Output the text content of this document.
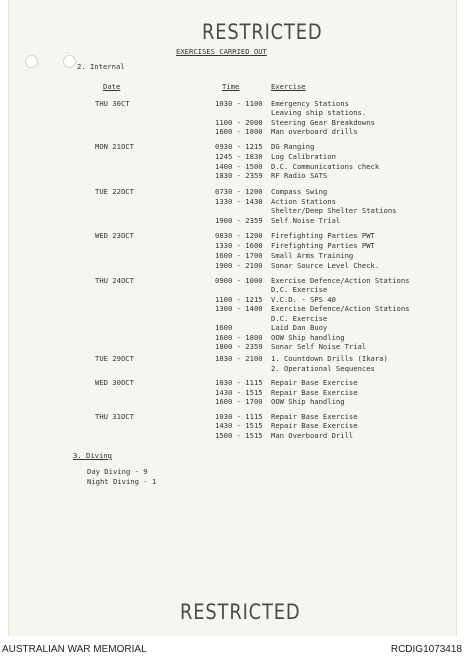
RESTRICTED
EXERCISES CARRIED OUT
2. Internal
Date	Time	Exercise
THU 30CT	1030 - 1100 Emergency Stations
Leaving ship stations.
1100 - 2000 Steering Gear Breakdowns
1600 - 1800 Man overboard drills
MON 21OCT	0930 - 1215 DG Ranging
1245 - 1830 Log Calibration
1400 - 1500 D.C. Communications check
1830 - 2359 RF Radio SATS
TUE 22OCT	0730 - 1200 Compass Swing
1330 - 1430 Action Stations
Shelter/Deep Shelter Stations
1900 - 2359 Self Noise Trial
WED 23OCT	0830 - 1200 Firefighting Parties PWT
1330 - 1600 Firefighting Parties PWT
1600 - 1700 Small Arms Training
1900 - 2100 Sonar Source Level Check.
THU 24OCT	0900 - 1000 Exercise Defence/Action Stations
D.C. Exercise
1100 - 1215 V.C.D. - SPS 40
1300 - 1400 Exercise Defence/Action Stations
D.C. Exercise
1600	Laid Dan Buoy
1600 - 1800 OOW Ship handling
1800 - 2359 Sonar Self Noise Trial
TUE 29OCT	1830 - 2100 1. Countdown Drills (Ikara)
2. Operational Sequences
WED 30OCT	1030 - 1115 Repair Base Exercise
1430 - 1515 Repair Base Exercise
1600 - 1700 OOW Ship handling
THU 31OCT	1030 - 1115 Repair Base Exercise
1430 - 1515 Repair Base Exercise
1500 - 1515 Man Overboard Drill
3. Diving
Day Diving - 9
Night Diving - 1
RESTRICTED
AUSTRALIAN WAR MEMORIAL	RCDIG1073418
